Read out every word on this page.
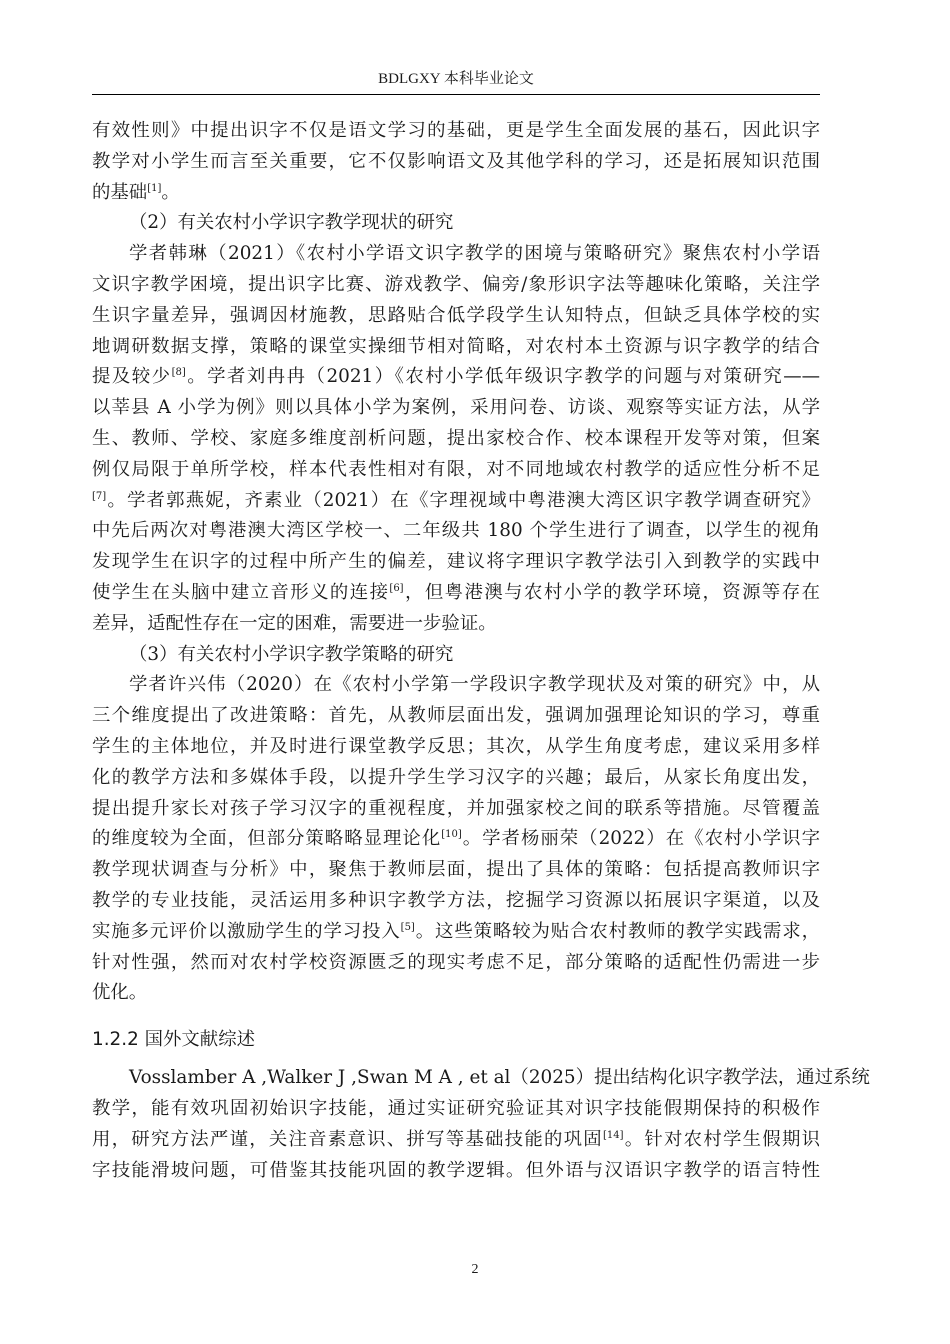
BDLGXY 本科毕业论文
有效性则》中提出识字不仅是语文学习的基础，更是学生全面发展的基石，因此识字
教学对小学生而言至关重要，它不仅影响语文及其他学科的学习，还是拓展知识范围
的基础[1]。
（2）有关农村小学识字教学现状的研究
学者韩琳（2021）《农村小学语文识字教学的困境与策略研究》聚焦农村小学语
文识字教学困境，提出识字比赛、游戏教学、偏旁/象形识字法等趣味化策略，关注学
生识字量差异，强调因材施教，思路贴合低学段学生认知特点，但缺乏具体学校的实
地调研数据支撑，策略的课堂实操细节相对简略，对农村本土资源与识字教学的结合
提及较少[8]。学者刘冉冉（2021）《农村小学低年级识字教学的问题与对策研究——
以莘县 A 小学为例》则以具体小学为案例，采用问卷、访谈、观察等实证方法，从学
生、教师、学校、家庭多维度剖析问题，提出家校合作、校本课程开发等对策，但案
例仅局限于单所学校，样本代表性相对有限，对不同地域农村教学的适应性分析不足
[7]。学者郭燕妮，齐素业（2021）在《字理视域中粤港澳大湾区识字教学调查研究》
中先后两次对粤港澳大湾区学校一、二年级共 180 个学生进行了调查，以学生的视角
发现学生在识字的过程中所产生的偏差，建议将字理识字教学法引入到教学的实践中
使学生在头脑中建立音形义的连接[6]，但粤港澳与农村小学的教学环境，资源等存在
差异，适配性存在一定的困难，需要进一步验证。
（3）有关农村小学识字教学策略的研究
学者许兴伟（2020）在《农村小学第一学段识字教学现状及对策的研究》中，从
三个维度提出了改进策略：首先，从教师层面出发，强调加强理论知识的学习，尊重
学生的主体地位，并及时进行课堂教学反思；其次，从学生角度考虑，建议采用多样
化的教学方法和多媒体手段，以提升学生学习汉字的兴趣；最后，从家长角度出发，
提出提升家长对孩子学习汉字的重视程度，并加强家校之间的联系等措施。尽管覆盖
的维度较为全面，但部分策略略显理论化[10]。学者杨丽荣（2022）在《农村小学识字
教学现状调查与分析》中，聚焦于教师层面，提出了具体的策略：包括提高教师识字
教学的专业技能，灵活运用多种识字教学方法，挖掘学习资源以拓展识字渠道，以及
实施多元评价以激励学生的学习投入[5]。这些策略较为贴合农村教师的教学实践需求，
针对性强，然而对农村学校资源匮乏的现实考虑不足，部分策略的适配性仍需进一步
优化。
1.2.2 国外文献综述
Vosslamber A ,Walker J ,Swan M A , et al（2025）提出结构化识字教学法，通过系统
教学，能有效巩固初始识字技能，通过实证研究验证其对识字技能假期保持的积极作
用，研究方法严谨，关注音素意识、拼写等基础技能的巩固[14]。针对农村学生假期识
字技能滑坡问题，可借鉴其技能巩固的教学逻辑。但外语与汉语识字教学的语言特性
2
